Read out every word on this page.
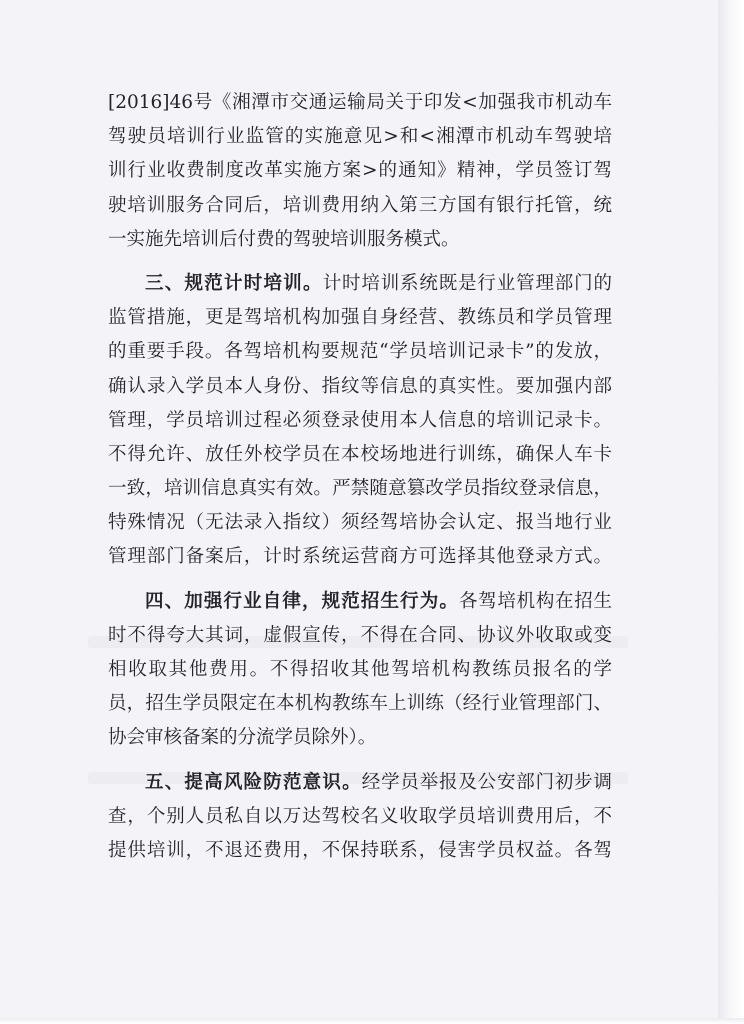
[2016]46号《湘潭市交通运输局关于印发<加强我市机动车
驾驶员培训行业监管的实施意见>和<湘潭市机动车驾驶培
训行业收费制度改革实施方案>的通知》精神，学员签订驾
驶培训服务合同后，培训费用纳入第三方国有银行托管，统
一实施先培训后付费的驾驶培训服务模式。
三、规范计时培训。计时培训系统既是行业管理部门的
监管措施，更是驾培机构加强自身经营、教练员和学员管理
的重要手段。各驾培机构要规范“学员培训记录卡”的发放，
确认录入学员本人身份、指纹等信息的真实性。要加强内部
管理，学员培训过程必须登录使用本人信息的培训记录卡。
不得允许、放任外校学员在本校场地进行训练，确保人车卡
一致，培训信息真实有效。严禁随意篡改学员指纹登录信息，
特殊情况（无法录入指纹）须经驾培协会认定、报当地行业
管理部门备案后，计时系统运营商方可选择其他登录方式。
四、加强行业自律，规范招生行为。各驾培机构在招生
时不得夸大其词，虚假宣传，不得在合同、协议外收取或变
相收取其他费用。不得招收其他驾培机构教练员报名的学
员，招生学员限定在本机构教练车上训练（经行业管理部门、
协会审核备案的分流学员除外）。
五、提高风险防范意识。经学员举报及公安部门初步调
查，个别人员私自以万达驾校名义收取学员培训费用后，不
提供培训，不退还费用，不保持联系，侵害学员权益。各驾
